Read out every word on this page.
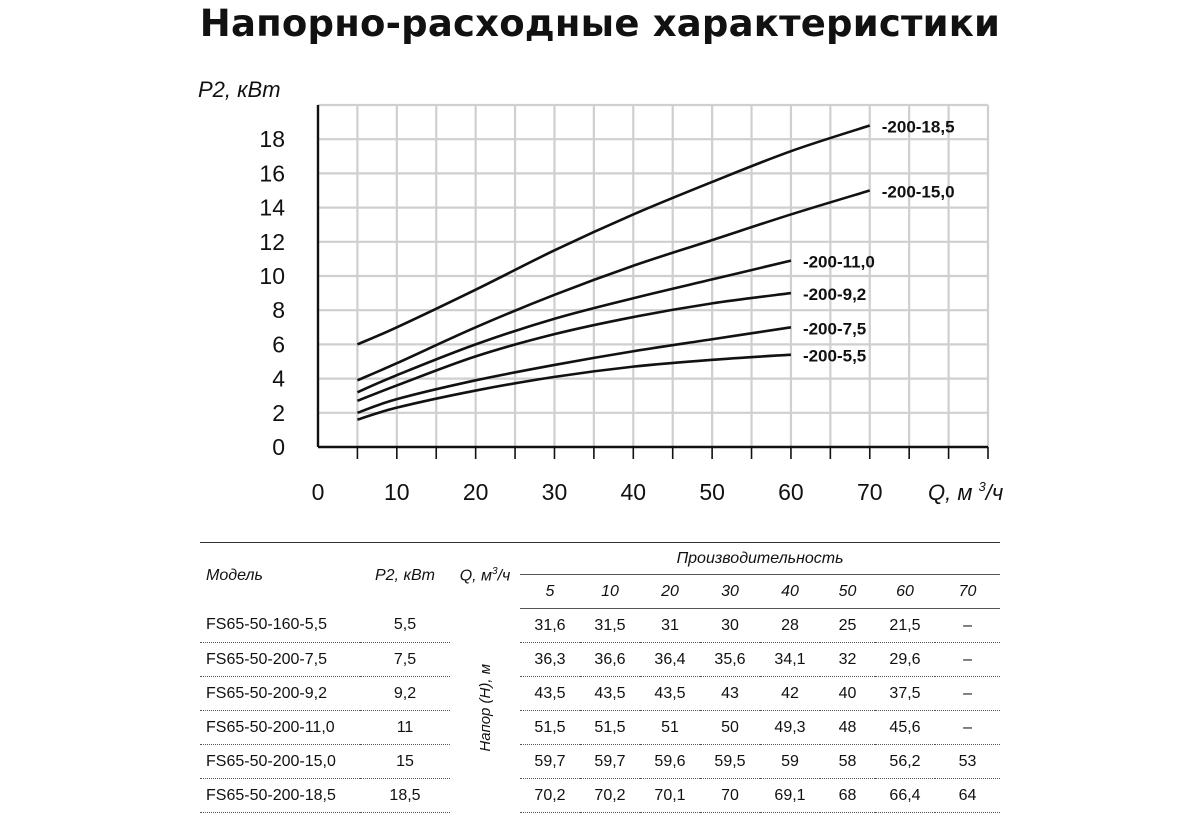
Напорно-расходные характеристики
0
2
4
6
8
10
12
14
16
18
0	10 20 30 40 50 60 70
-200-18,5
-200-15,0
-200-11,0
-200-9,2
-200-7,5
-200-5,5
P2, кВт
Q, м $^3$/ч
Модель	P2, кВт	Q, $м^3/ч$	Производительность							
			5	10	20	30	40	50	60	70
FS65-50-160-5,5	5,5	Напор (Н), м	31,6	31,5	31	30	28	25	21,5	–
FS65-50-200-7,5	7,5		36,3	36,6	36,4	35,6	34,1	32	29,6	–
FS65-50-200-9,2	9,2		43,5	43,5	43,5	43	42	40	37,5	–
FS65-50-200-11,0	11		51,5	51,5	51	50	49,3	48	45,6	–
FS65-50-200-15,0	15		59,7	59,7	59,6	59,5	59	58	56,2	53
FS65-50-200-18,5	18,5		70,2	70,2	70,1	70	69,1	68	66,4	64
